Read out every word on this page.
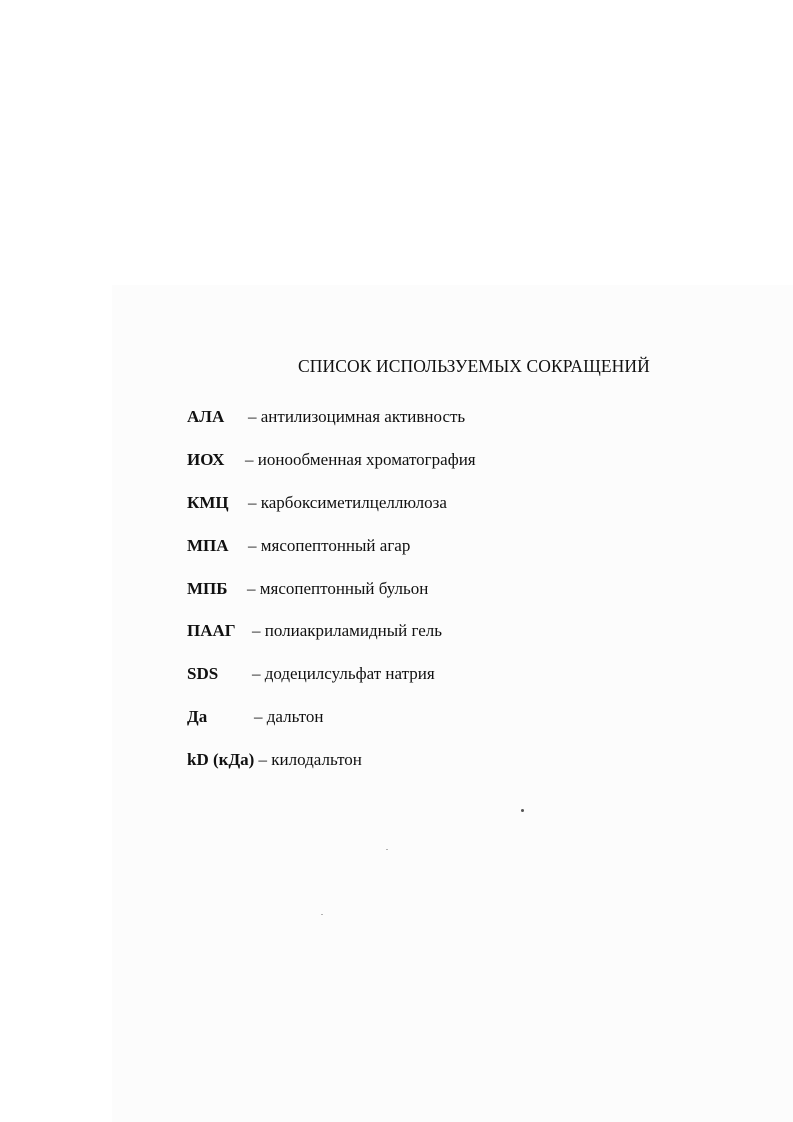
СПИСОК ИСПОЛЬЗУЕМЫХ СОКРАЩЕНИЙ
АЛА – антилизоцимная активность
ИОХ – ионообменная хроматография
КМЦ – карбоксиметилцеллюлоза
МПА – мясопептонный агар
МПБ – мясопептонный бульон
ПААГ – полиакриламидный гель
SDS – додецилсульфат натрия
Да	– дальтон
kD (кДа) – килодальтон
